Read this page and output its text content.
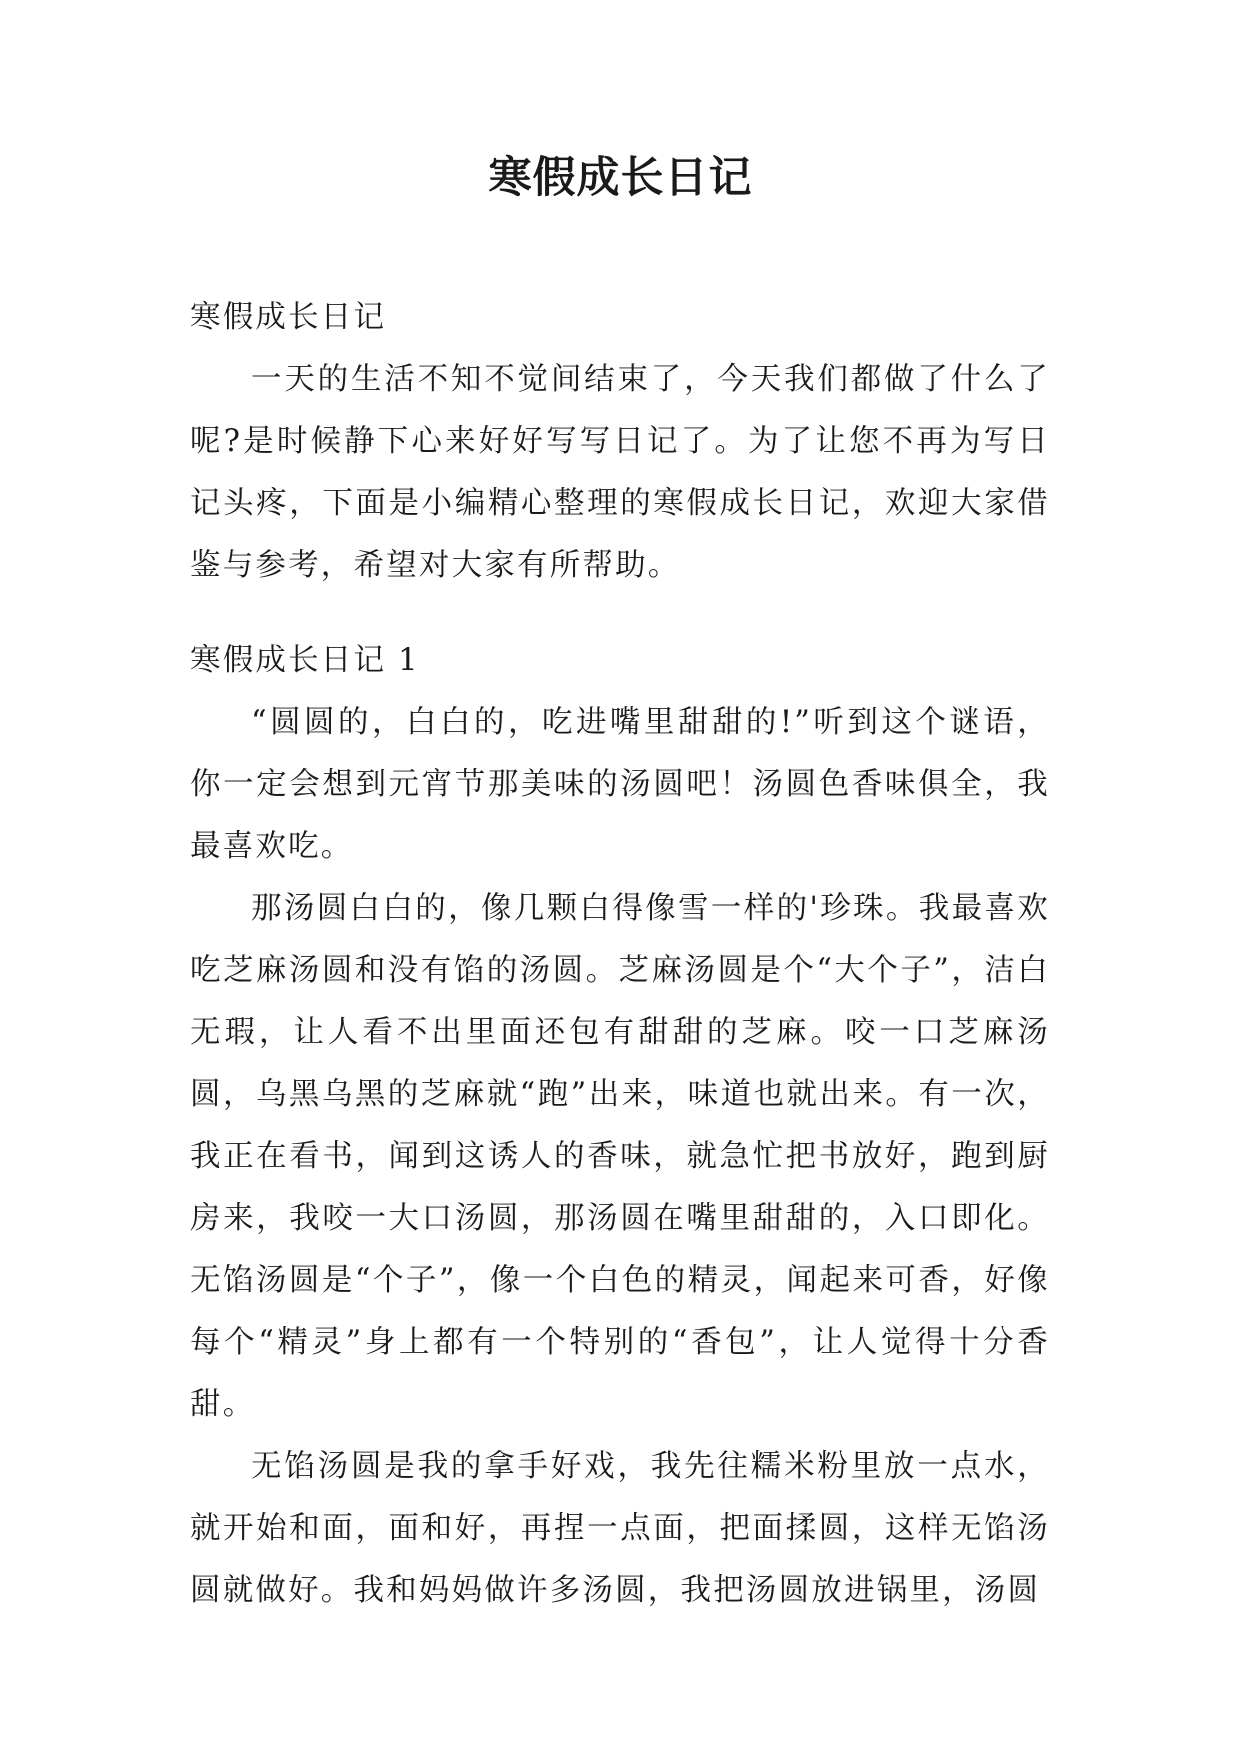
寒假成长日记

寒假成长日记

一天的生活不知不觉间结束了，今天我们都做了什么了呢?是时候静下心来好好写写日记了。为了让您不再为写日记头疼，下面是小编精心整理的寒假成长日记，欢迎大家借鉴与参考，希望对大家有所帮助。

寒假成长日记 1

“圆圆的，白白的，吃进嘴里甜甜的!”听到这个谜语，你一定会想到元宵节那美味的汤圆吧！汤圆色香味俱全，我最喜欢吃。

那汤圆白白的，像几颗白得像雪一样的'珍珠。我最喜欢吃芝麻汤圆和没有馅的汤圆。芝麻汤圆是个“大个子”，洁白无瑕，让人看不出里面还包有甜甜的芝麻。咬一口芝麻汤圆，乌黑乌黑的芝麻就“跑”出来，味道也就出来。有一次，我正在看书，闻到这诱人的香味，就急忙把书放好，跑到厨房来，我咬一大口汤圆，那汤圆在嘴里甜甜的，入口即化。无馅汤圆是“个子”，像一个白色的精灵，闻起来可香，好像每个“精灵”身上都有一个特别的“香包”，让人觉得十分香甜。

无馅汤圆是我的拿手好戏，我先往糯米粉里放一点水，就开始和面，面和好，再捏一点面，把面揉圆，这样无馅汤圆就做好。我和妈妈做许多汤圆，我把汤圆放进锅里，汤圆
